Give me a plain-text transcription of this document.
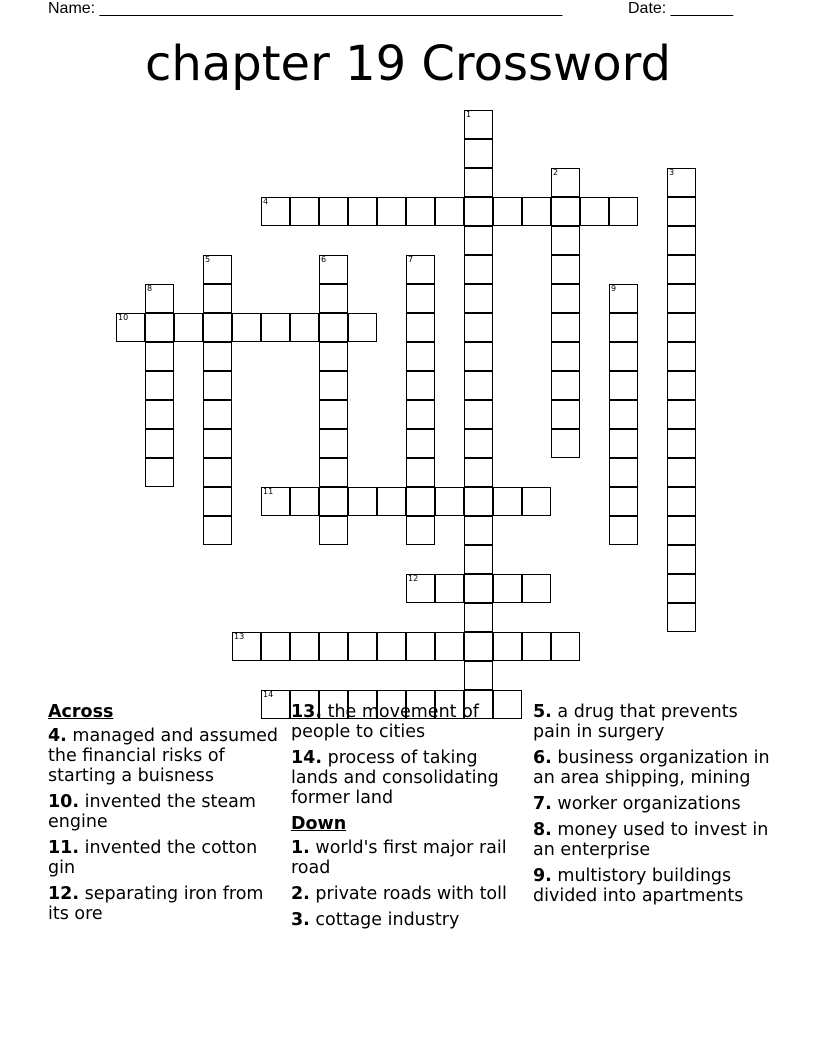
Name: ____________________________________________________	Date: _______
chapter 19 Crossword
4
10
11
12
13
14
1
2	3
5	6	7
8	9
Across
4. managed and assumed the financial risks of starting a buisness
10. invented the steam engine
11. invented the cotton gin
12. separating iron from its ore
13. the movement of people to cities
14. process of taking lands and consolidating former land
Down
1. world's first major rail road
2. private roads with toll
3. cottage industry
5. a drug that prevents pain in surgery
6. business organization in an area shipping, mining
7. worker organizations
8. money used to invest in an enterprise
9. multistory buildings divided into apartments
